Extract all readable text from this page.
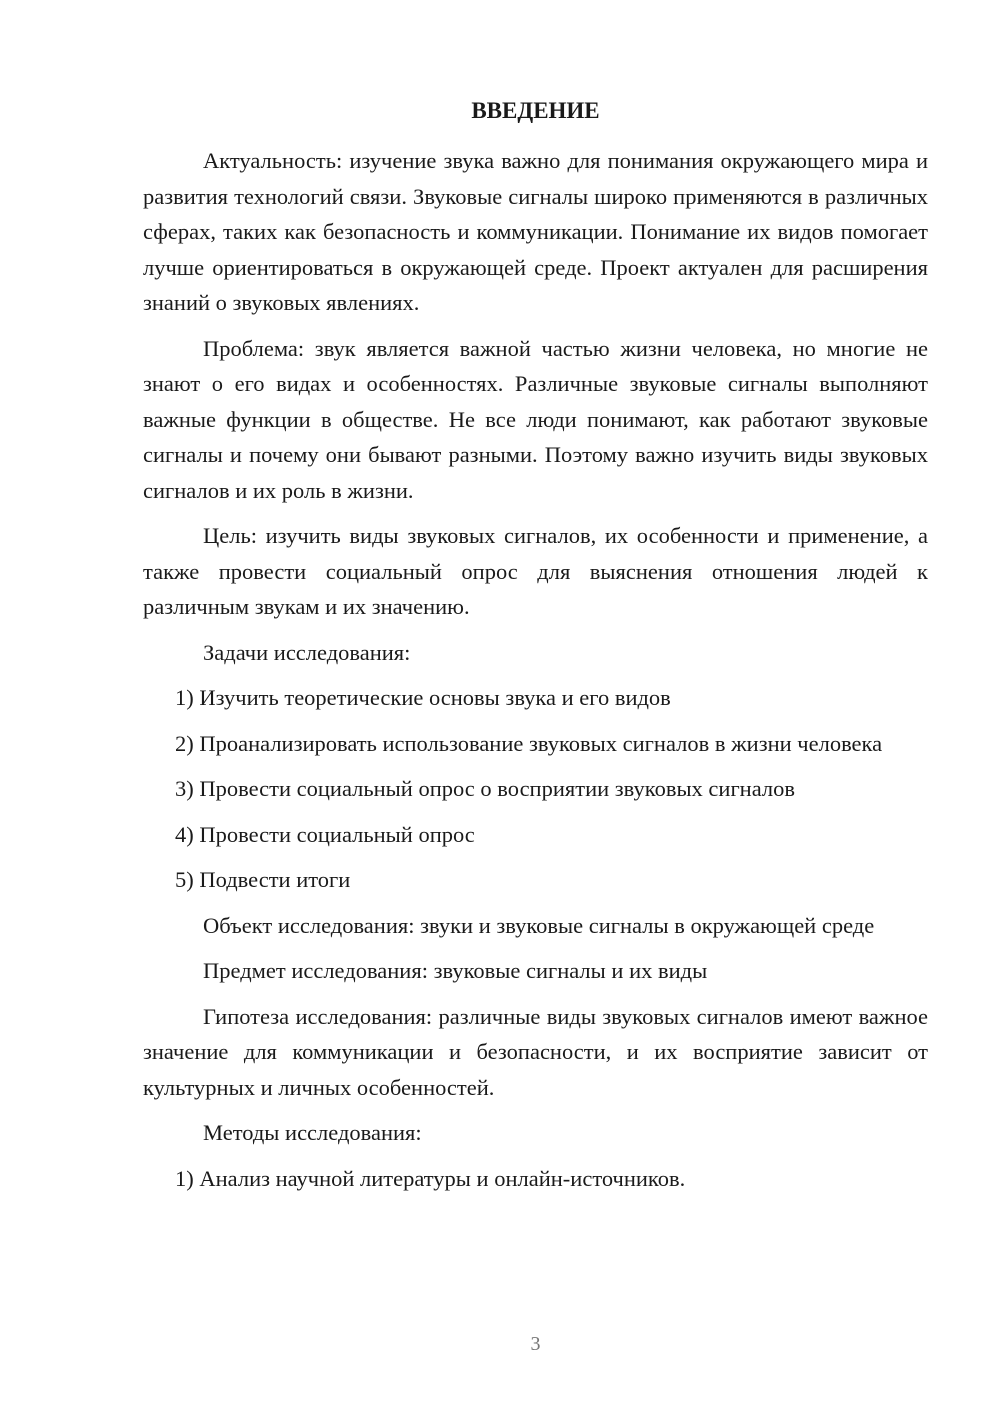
ВВЕДЕНИЕ

Актуальность: изучение звука важно для понимания окружающего мира и развития технологий связи. Звуковые сигналы широко применяются в различных сферах, таких как безопасность и коммуникации. Понимание их видов помогает лучше ориентироваться в окружающей среде. Проект актуален для расширения знаний о звуковых явлениях.

Проблема: звук является важной частью жизни человека, но многие не знают о его видах и особенностях. Различные звуковые сигналы выполняют важные функции в обществе. Не все люди понимают, как работают звуковые сигналы и почему они бывают разными. Поэтому важно изучить виды звуковых сигналов и их роль в жизни.

Цель: изучить виды звуковых сигналов, их особенности и применение, а также провести социальный опрос для выяснения отношения людей к различным звукам и их значению.

Задачи исследования:

1) Изучить теоретические основы звука и его видов

2) Проанализировать использование звуковых сигналов в жизни человека

3) Провести социальный опрос о восприятии звуковых сигналов

4) Провести социальный опрос

5) Подвести итоги

Объект исследования: звуки и звуковые сигналы в окружающей среде

Предмет исследования: звуковые сигналы и их виды

Гипотеза исследования: различные виды звуковых сигналов имеют важное значение для коммуникации и безопасности, и их восприятие зависит от культурных и личных особенностей.

Методы исследования:

1) Анализ научной литературы и онлайн-источников.

3
